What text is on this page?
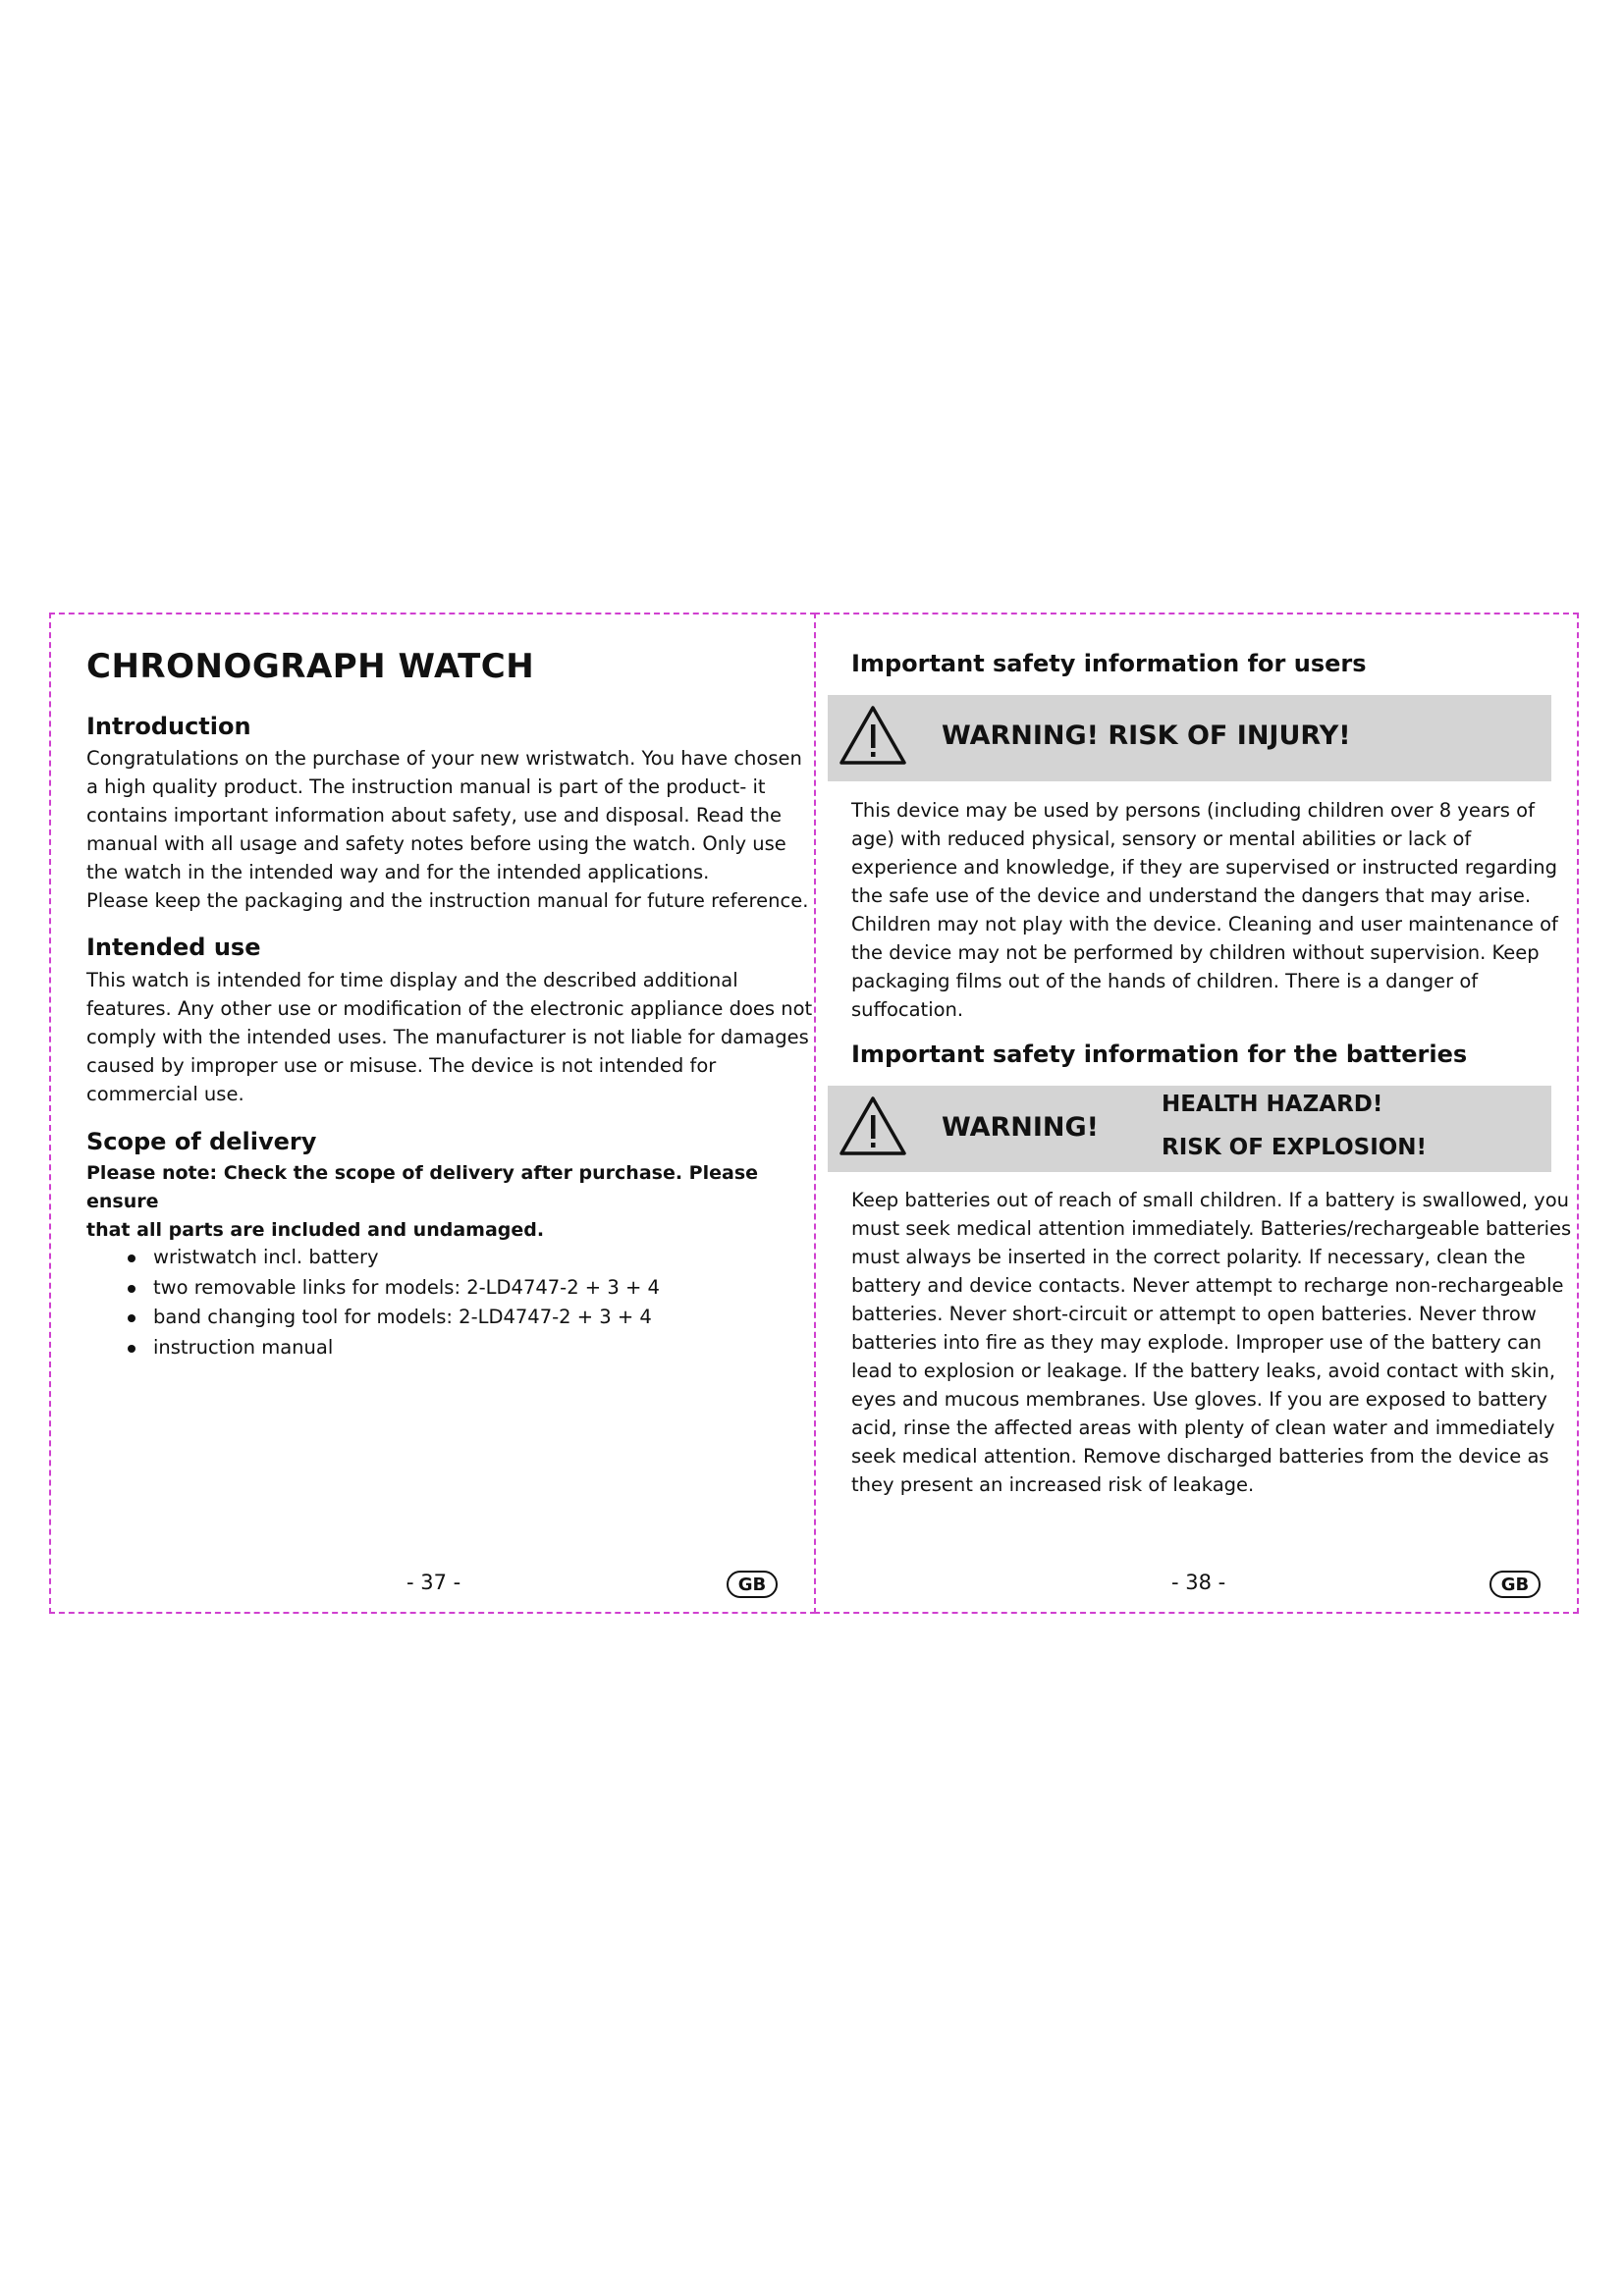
CHRONOGRAPH WATCH
Introduction
Congratulations on the purchase of your new wristwatch. You have chosen
a high quality product. The instruction manual is part of the product- it
contains important information about safety, use and disposal. Read the
manual with all usage and safety notes before using the watch. Only use
the watch in the intended way and for the intended applications.
Please keep the packaging and the instruction manual for future reference.
Intended use
This watch is intended for time display and the described additional
features. Any other use or modification of the electronic appliance does not
comply with the intended uses. The manufacturer is not liable for damages
caused by improper use or misuse. The device is not intended for
commercial use.
Scope of delivery
Please note: Check the scope of delivery after purchase. Please ensure
that all parts are included and undamaged.
wristwatch incl. battery
two removable links for models: 2-LD4747-2 + 3 + 4
band changing tool for models: 2-LD4747-2 + 3 + 4
instruction manual
- 37 -	GB
Important safety information for users
WARNING! RISK OF INJURY!
This device may be used by persons (including children over 8 years of
age) with reduced physical, sensory or mental abilities or lack of
experience and knowledge, if they are supervised or instructed regarding
the safe use of the device and understand the dangers that may arise.
Children may not play with the device. Cleaning and user maintenance of
the device may not be performed by children without supervision. Keep
packaging films out of the hands of children. There is a danger of
suffocation.
Important safety information for the batteries
WARNING!
HEALTH HAZARD!
RISK OF EXPLOSION!
Keep batteries out of reach of small children. If a battery is swallowed, you
must seek medical attention immediately. Batteries/rechargeable batteries
must always be inserted in the correct polarity. If necessary, clean the
battery and device contacts. Never attempt to recharge non-rechargeable
batteries. Never short-circuit or attempt to open batteries. Never throw
batteries into fire as they may explode. Improper use of the battery can
lead to explosion or leakage. If the battery leaks, avoid contact with skin,
eyes and mucous membranes. Use gloves. If you are exposed to battery
acid, rinse the affected areas with plenty of clean water and immediately
seek medical attention. Remove discharged batteries from the device as
they present an increased risk of leakage.
- 38 -	GB
